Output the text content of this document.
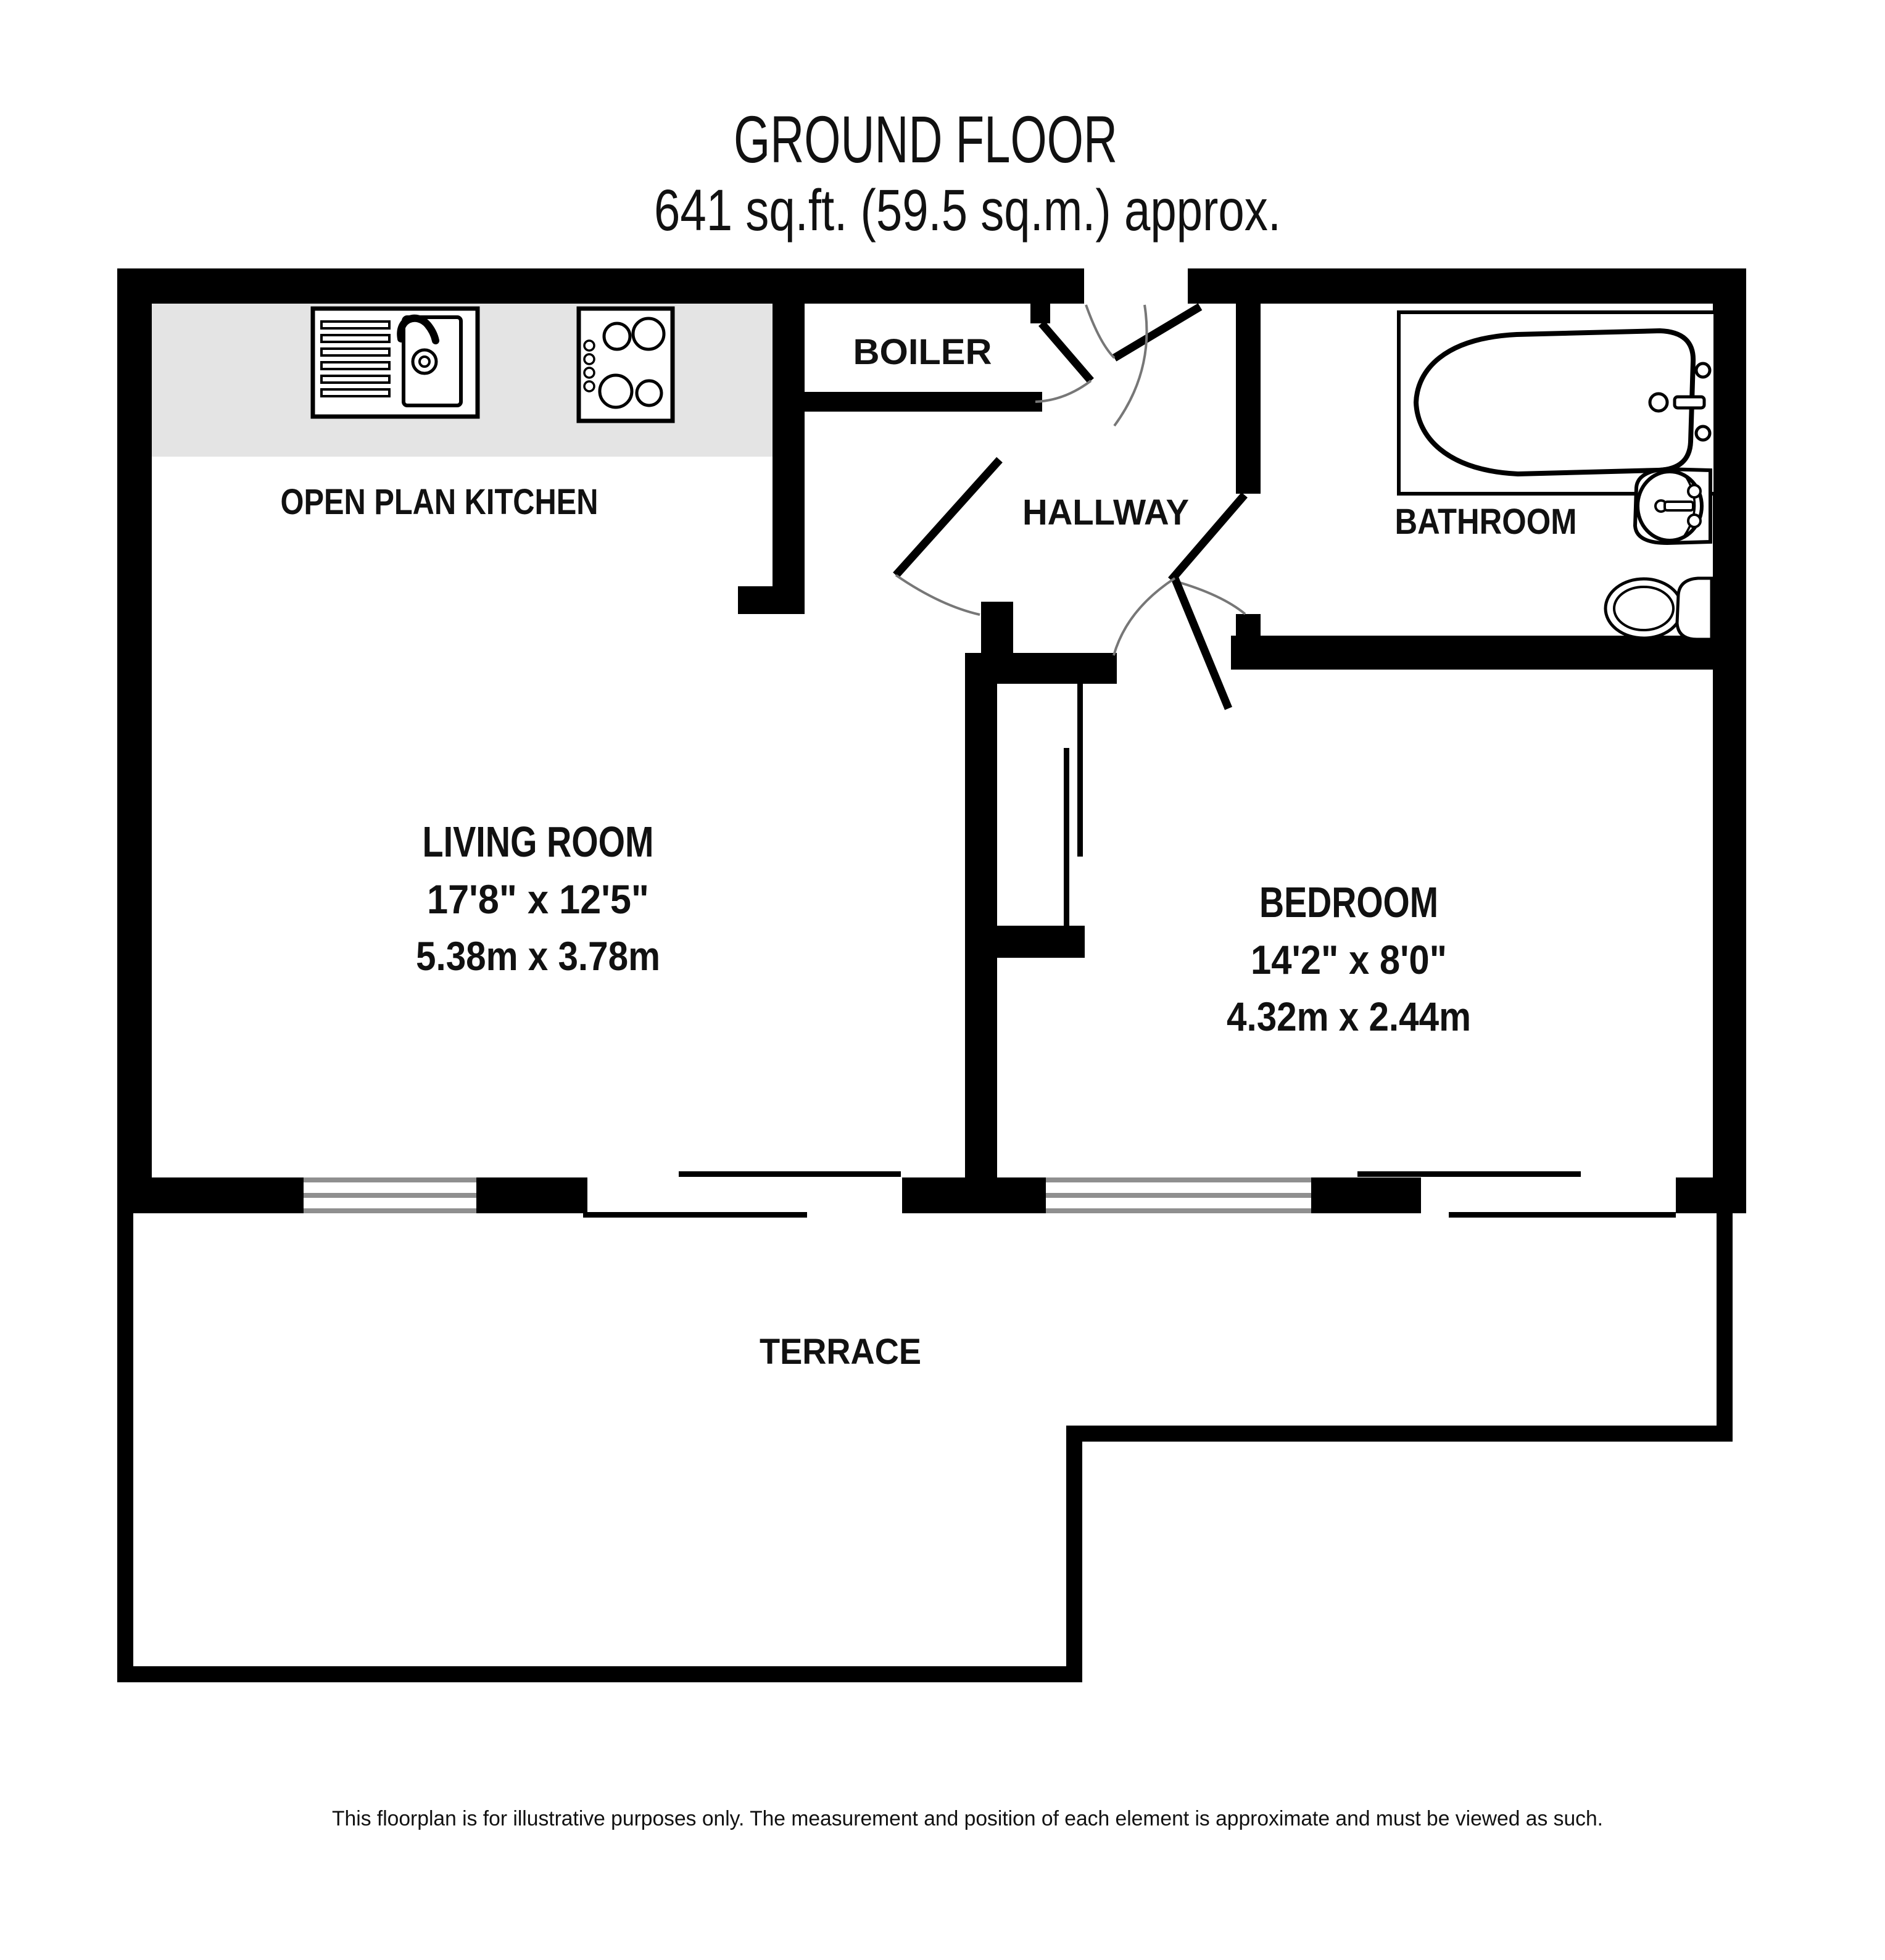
GROUND FLOOR
641 sq.ft. (59.5 sq.m.) approx.
OPEN PLAN KITCHEN
BOILER
HALLWAY	BATHROOM
LIVING ROOM
17'8" x 12'5"
5.38m x 3.78m
BEDROOM
14'2" x 8'0"
4.32m x 2.44m
TERRACE
This floorplan is for illustrative purposes only. The measurement and position of each element is approximate and must be viewed as such.
